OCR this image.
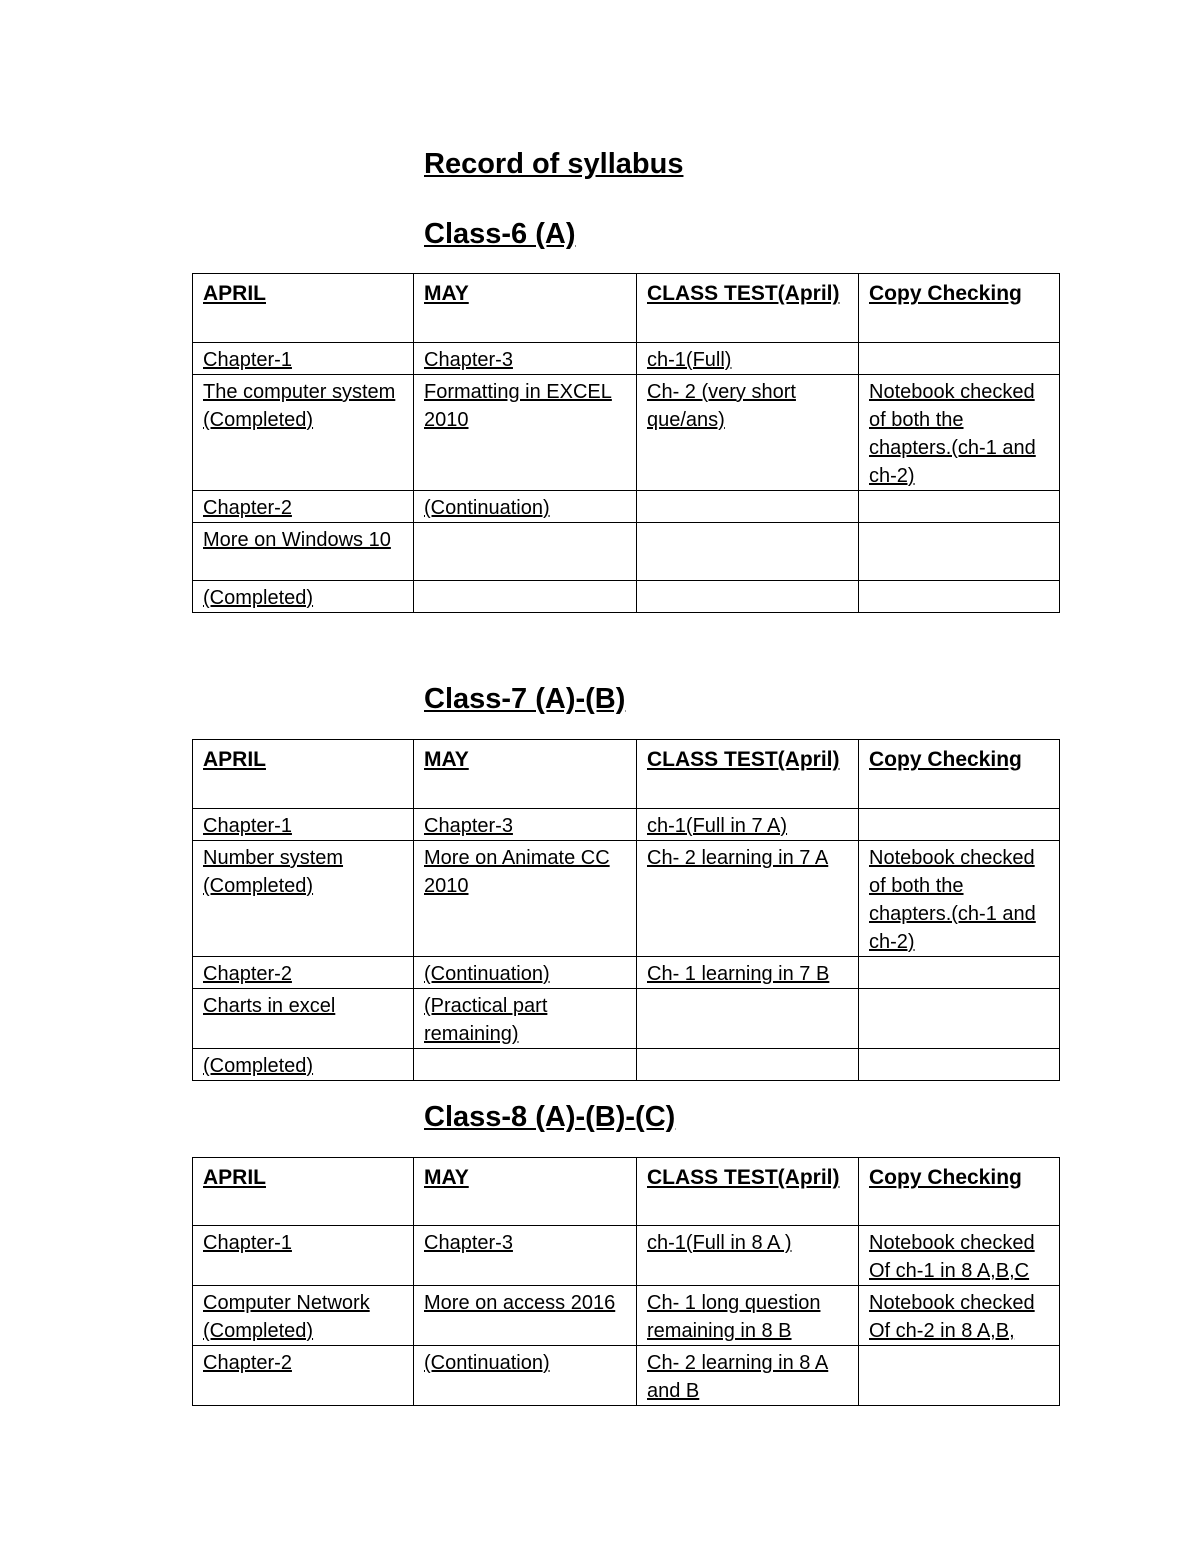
Record of syllabus
Class-6 (A)
APRIL	MAY	CLASS TEST(April)	Copy Checking
Chapter-1	Chapter-3	ch-1(Full)	
The computer system (Completed)	Formatting in EXCEL 2010	Ch- 2 (very short que/ans)	Notebook checked of both the chapters.(ch-1 and ch-2)
Chapter-2	(Continuation)		
More on Windows 10			
(Completed)			
Class-7 (A)-(B)
APRIL	MAY	CLASS TEST(April)	Copy Checking
Chapter-1	Chapter-3	ch-1(Full in 7 A)	
Number system (Completed)	More on Animate CC 2010	Ch- 2 learning in 7 A	Notebook checked of both the chapters.(ch-1 and ch-2)
Chapter-2	(Continuation)	Ch- 1 learning in 7 B	
Charts in excel	(Practical part remaining)		
(Completed)			
Class-8 (A)-(B)-(C)
APRIL	MAY	CLASS TEST(April)	Copy Checking
Chapter-1	Chapter-3	ch-1(Full in 8 A )	Notebook checked Of ch-1 in 8 A,B,C
Computer Network (Completed)	More on access 2016	Ch- 1 long question remaining in 8 B	Notebook checked Of ch-2 in 8 A,B,
Chapter-2	(Continuation)	Ch- 2 learning in 8 A and B	
